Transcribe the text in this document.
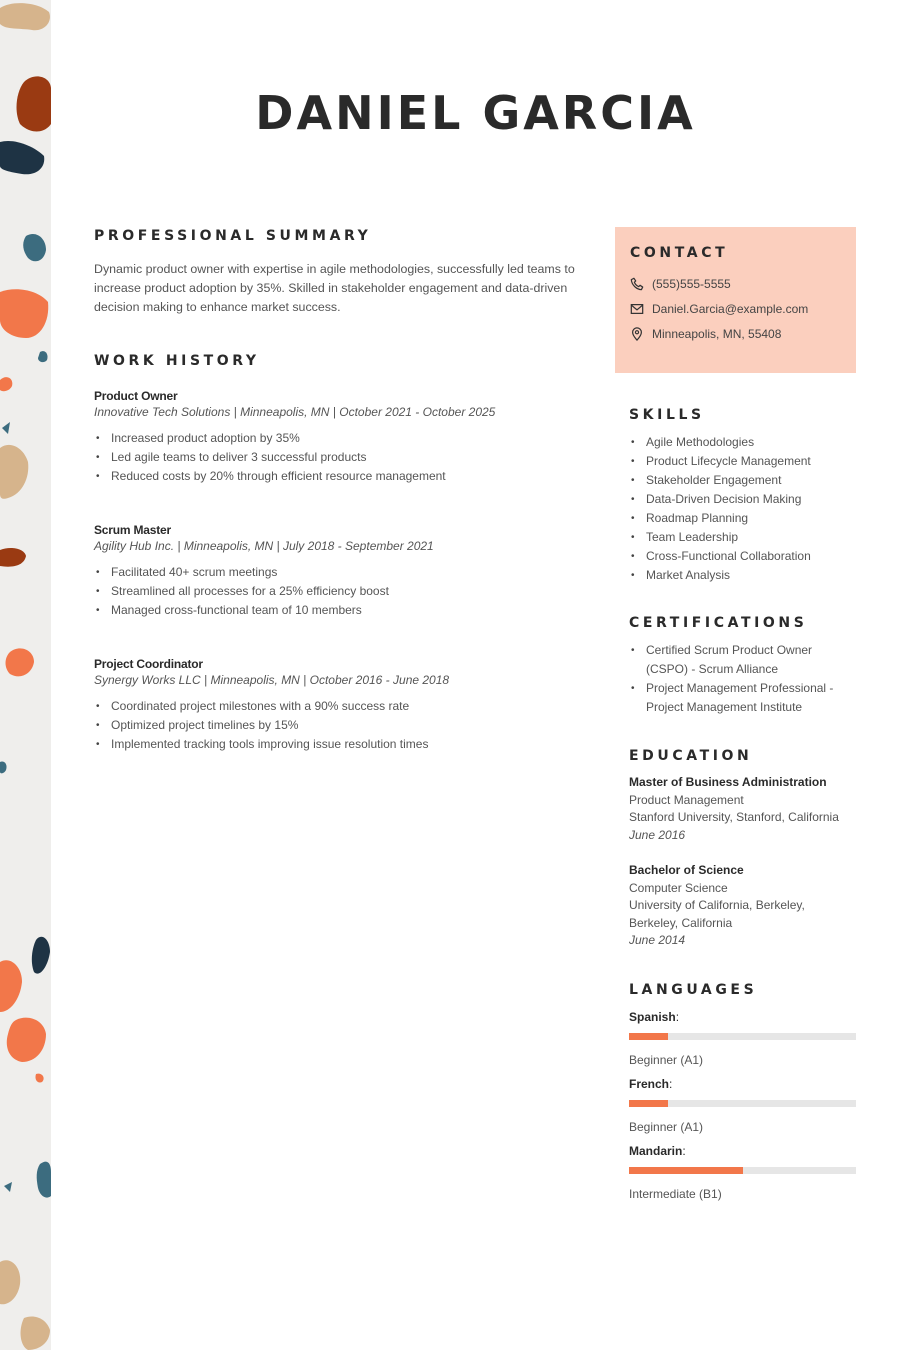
DANIEL GARCIA
PROFESSIONAL SUMMARY

Dynamic product owner with expertise in agile methodologies, successfully led teams to increase product adoption by 35%. Skilled in stakeholder engagement and data-driven decision making to enhance market success.

WORK HISTORY
Product Owner
Innovative Tech Solutions | Minneapolis, MN | October 2021 - October 2025
• Increased product adoption by 35%
• Led agile teams to deliver 3 successful products
• Reduced costs by 20% through efficient resource management
Scrum Master
Agility Hub Inc. | Minneapolis, MN | July 2018 - September 2021
• Facilitated 40+ scrum meetings
• Streamlined all processes for a 25% efficiency boost
• Managed cross-functional team of 10 members
Project Coordinator
Synergy Works LLC | Minneapolis, MN | October 2016 - June 2018
• Coordinated project milestones with a 90% success rate
• Optimized project timelines by 15%
• Implemented tracking tools improving issue resolution times
CONTACT
(555)555-5555
Daniel.Garcia@example.com
Minneapolis, MN, 55408
SKILLS
• Agile Methodologies
• Product Lifecycle Management
• Stakeholder Engagement
• Data-Driven Decision Making
• Roadmap Planning
• Team Leadership
• Cross-Functional Collaboration
• Market Analysis
CERTIFICATIONS
• Certified Scrum Product Owner (CSPO) - Scrum Alliance
• Project Management Professional - Project Management Institute
EDUCATION
Master of Business Administration
Product Management
Stanford University, Stanford, California
June 2016
Bachelor of Science
Computer Science
University of California, Berkeley, Berkeley, California
June 2014
LANGUAGES
Spanish:
Beginner (A1)
French:
Beginner (A1)
Mandarin:
Intermediate (B1)
